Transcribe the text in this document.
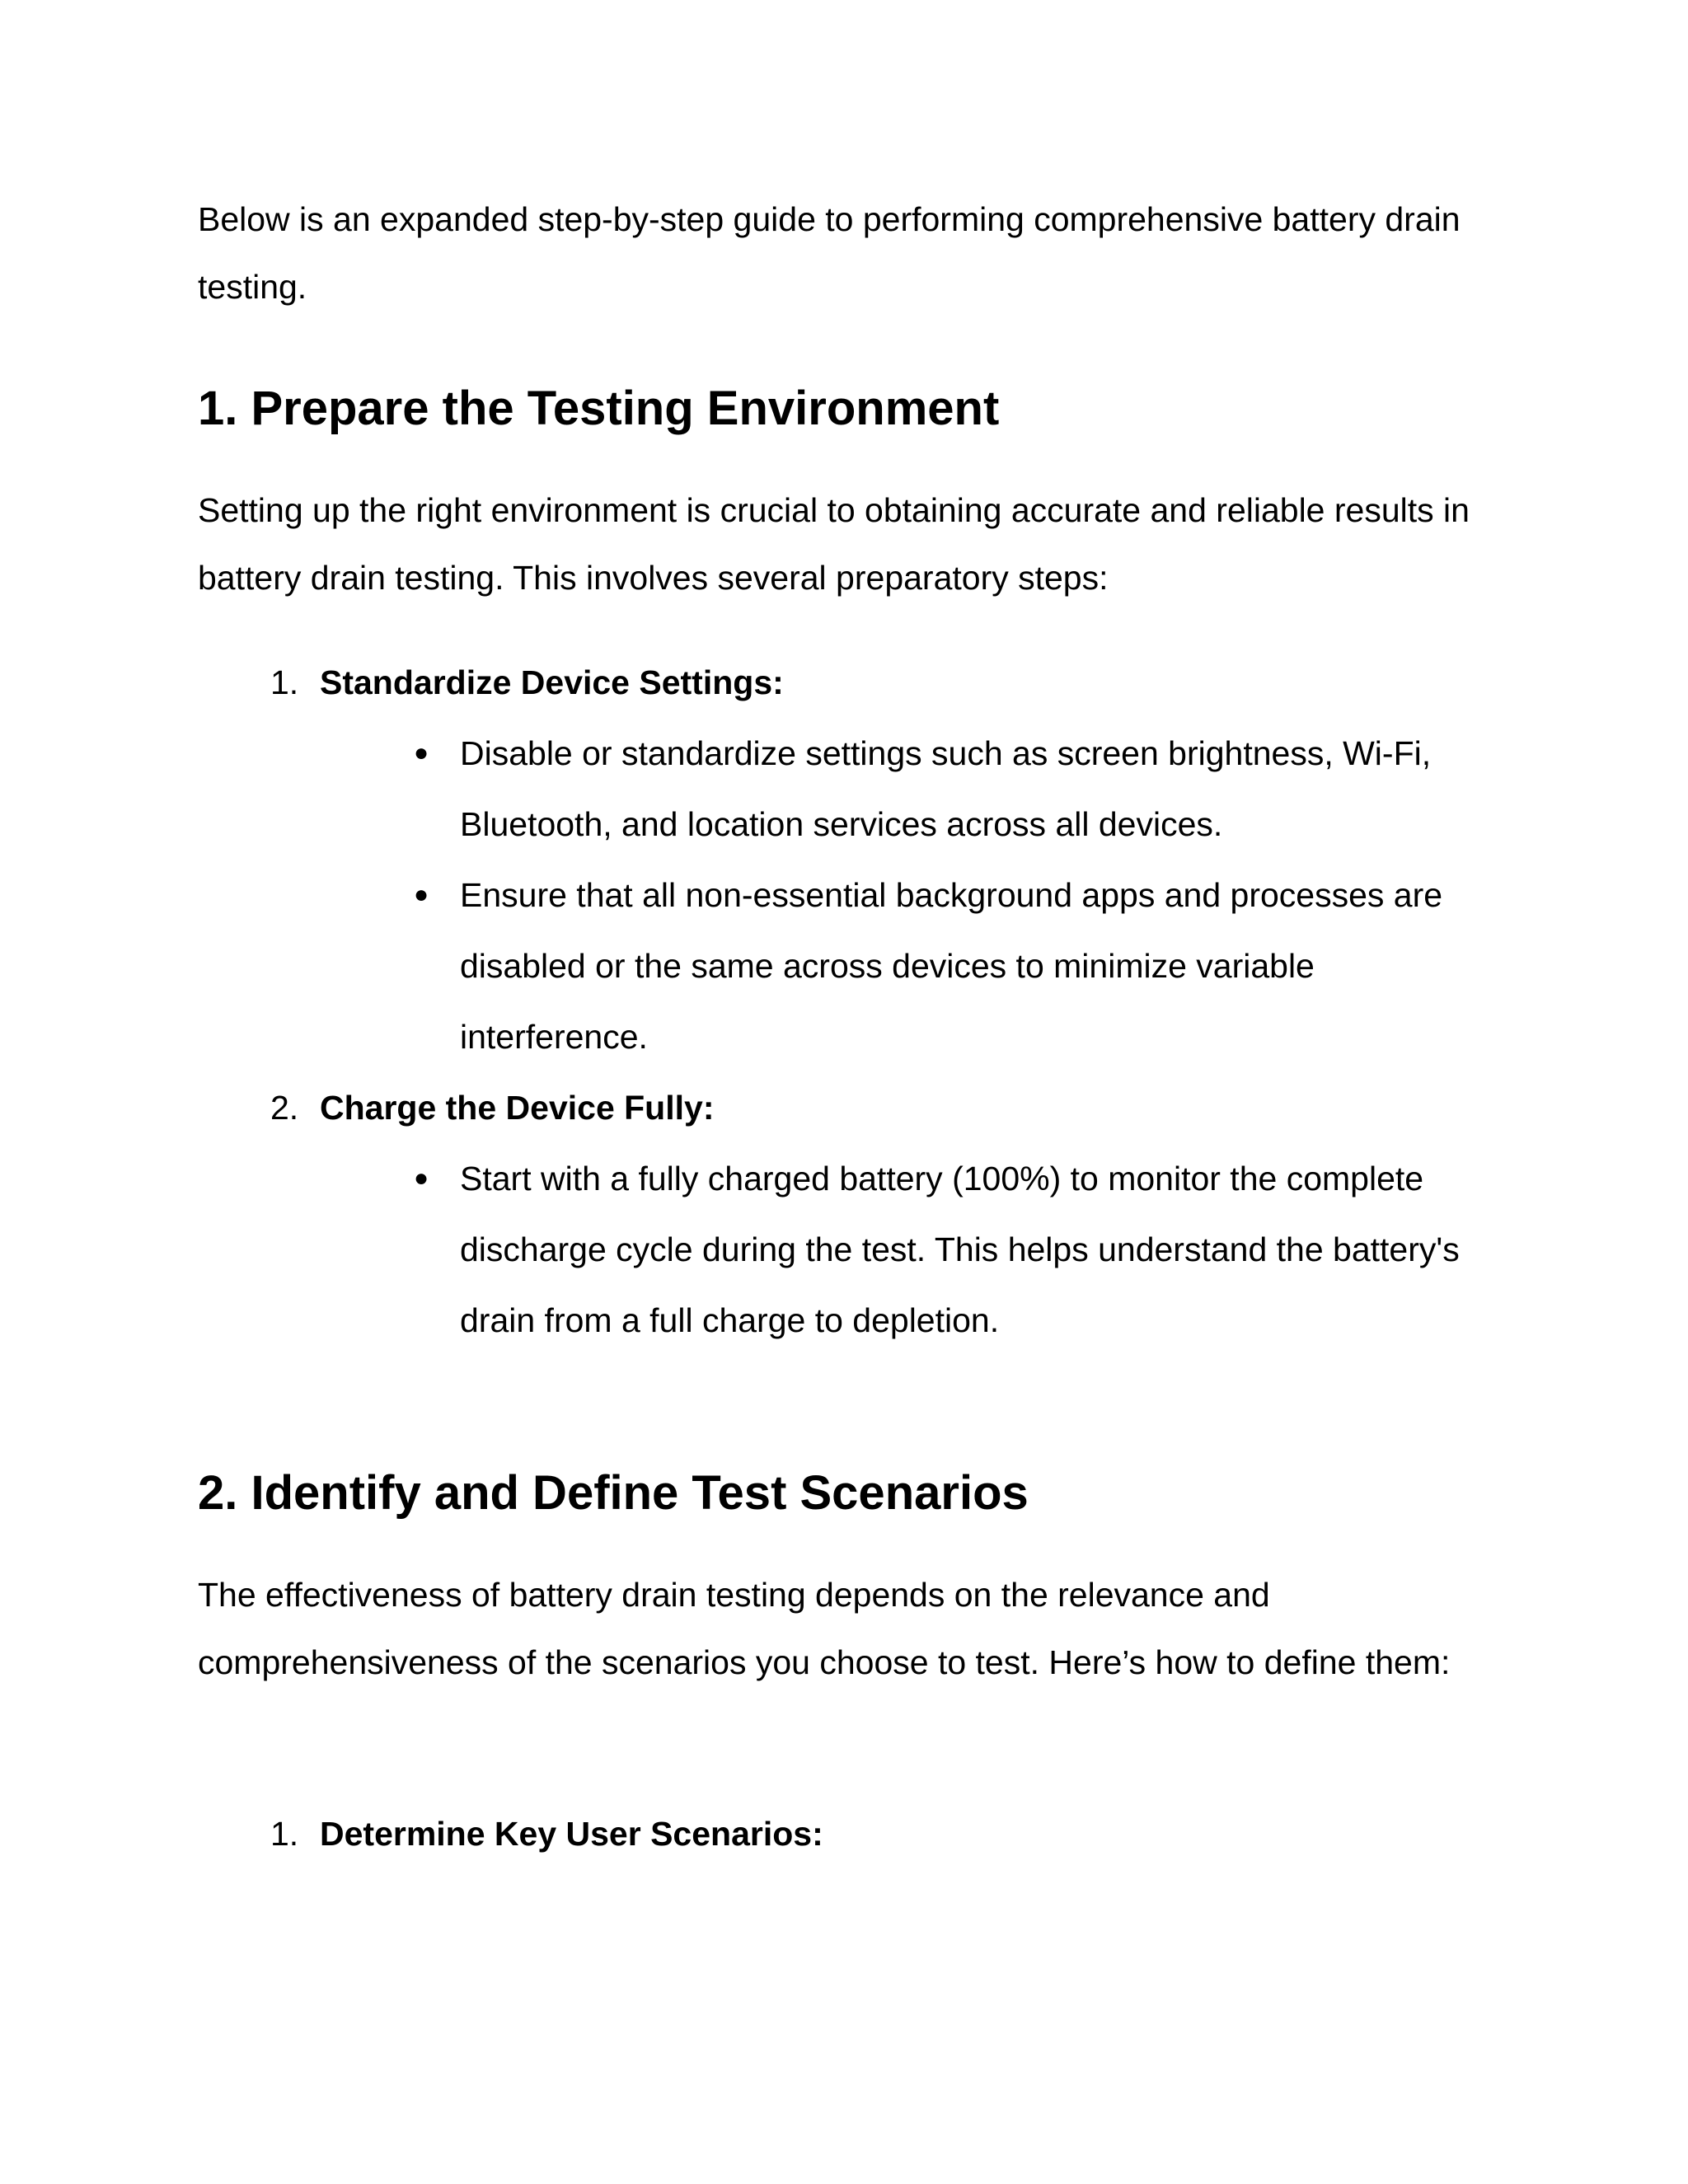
Below is an expanded step-by-step guide to performing comprehensive battery drain testing.

1. Prepare the Testing Environment

Setting up the right environment is crucial to obtaining accurate and reliable results in battery drain testing. This involves several preparatory steps:

1. Standardize Device Settings:
● Disable or standardize settings such as screen brightness, Wi-Fi, Bluetooth, and location services across all devices.

● Ensure that all non-essential background apps and processes are disabled or the same across devices to minimize variable interference.

2. Charge the Device Fully:
● Start with a fully charged battery (100%) to monitor the complete discharge cycle during the test. This helps understand the battery's drain from a full charge to depletion.

2. Identify and Define Test Scenarios

The effectiveness of battery drain testing depends on the relevance and comprehensiveness of the scenarios you choose to test. Here’s how to define them:

1. Determine Key User Scenarios:
